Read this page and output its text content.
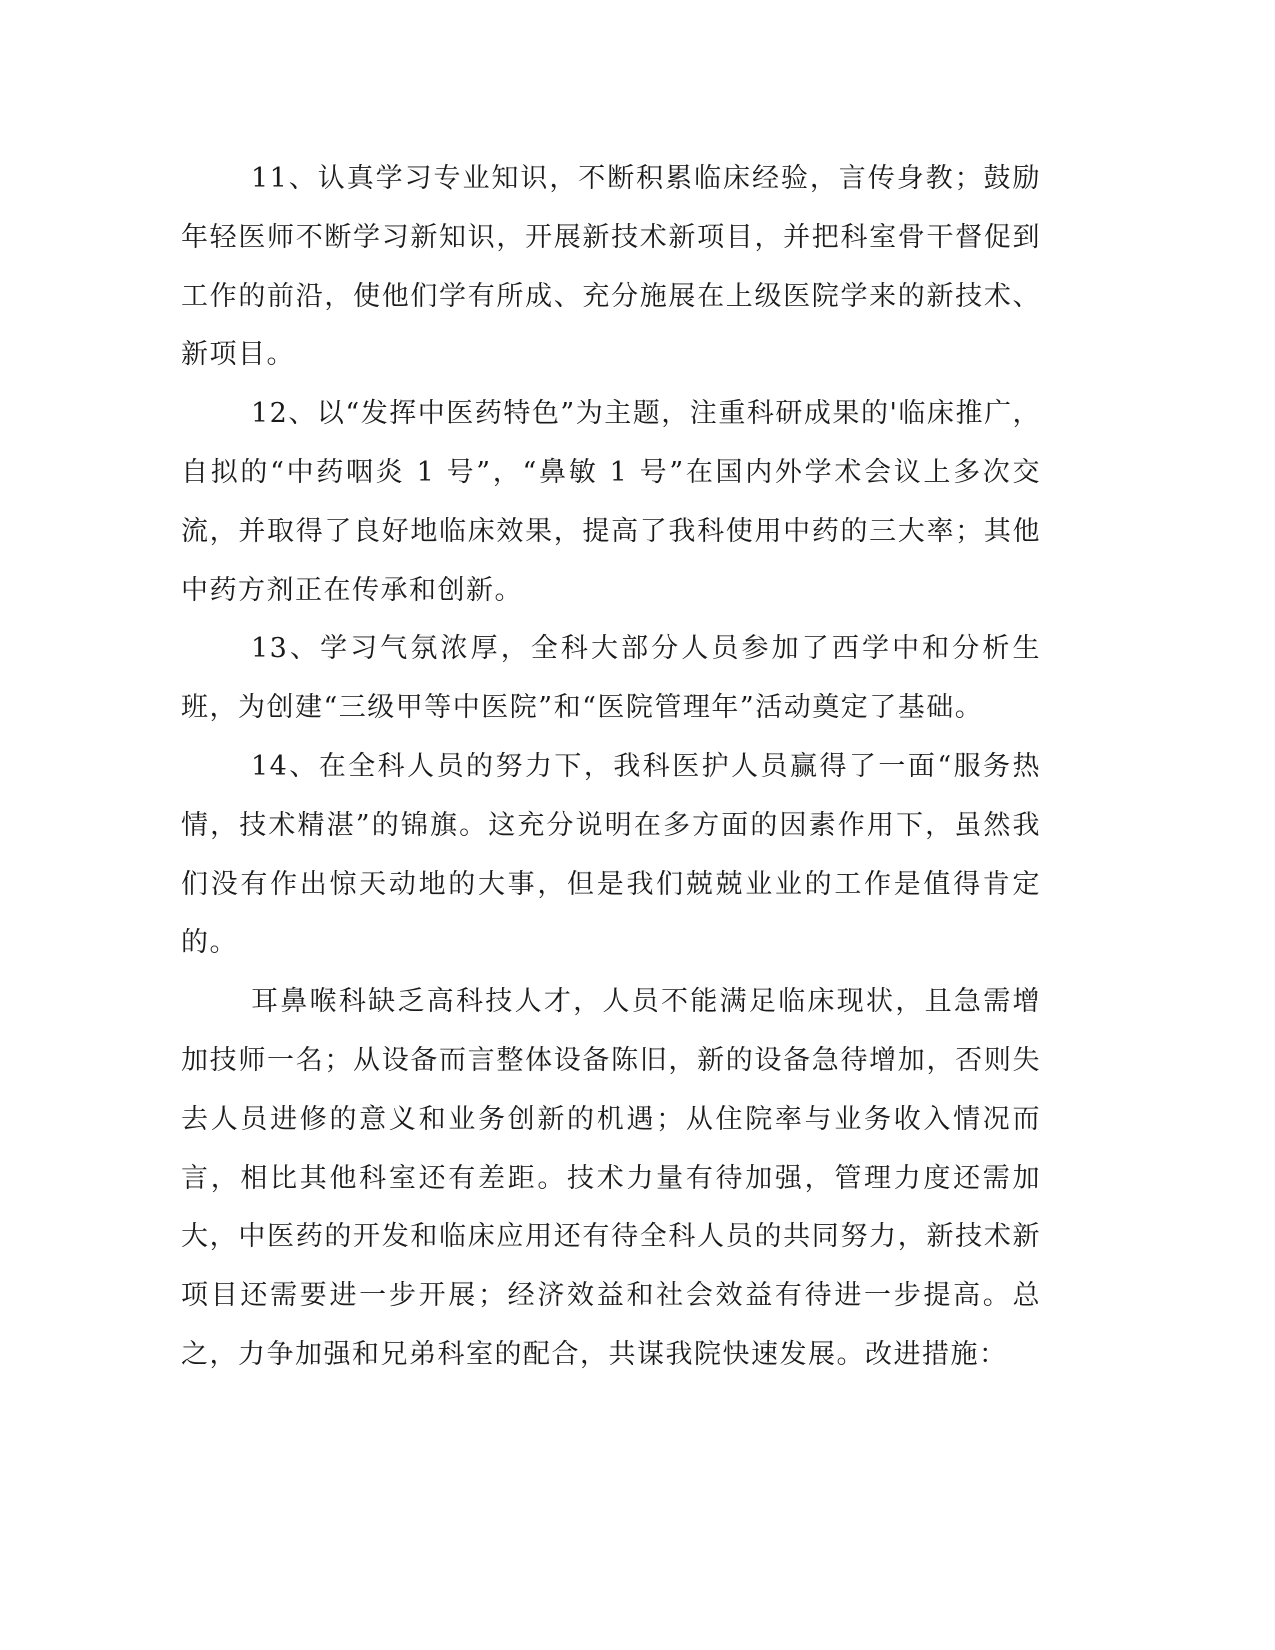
11、认真学习专业知识，不断积累临床经验，言传身教；鼓励年轻医师不断学习新知识，开展新技术新项目，并把科室骨干督促到工作的前沿，使他们学有所成、充分施展在上级医院学来的新技术、新项目。

12、以“发挥中医药特色”为主题，注重科研成果的'临床推广，自拟的“中药咽炎 1 号”，“鼻敏 1 号”在国内外学术会议上多次交流，并取得了良好地临床效果，提高了我科使用中药的三大率；其他中药方剂正在传承和创新。

13、学习气氛浓厚，全科大部分人员参加了西学中和分析生班，为创建“三级甲等中医院”和“医院管理年”活动奠定了基础。

14、在全科人员的努力下，我科医护人员赢得了一面“服务热情，技术精湛”的锦旗。这充分说明在多方面的因素作用下，虽然我们没有作出惊天动地的大事，但是我们兢兢业业的工作是值得肯定的。

耳鼻喉科缺乏高科技人才，人员不能满足临床现状，且急需增加技师一名；从设备而言整体设备陈旧，新的设备急待增加，否则失去人员进修的意义和业务创新的机遇；从住院率与业务收入情况而言，相比其他科室还有差距。技术力量有待加强，管理力度还需加大，中医药的开发和临床应用还有待全科人员的共同努力，新技术新项目还需要进一步开展；经济效益和社会效益有待进一步提高。总之，力争加强和兄弟科室的配合，共谋我院快速发展。改进措施：
